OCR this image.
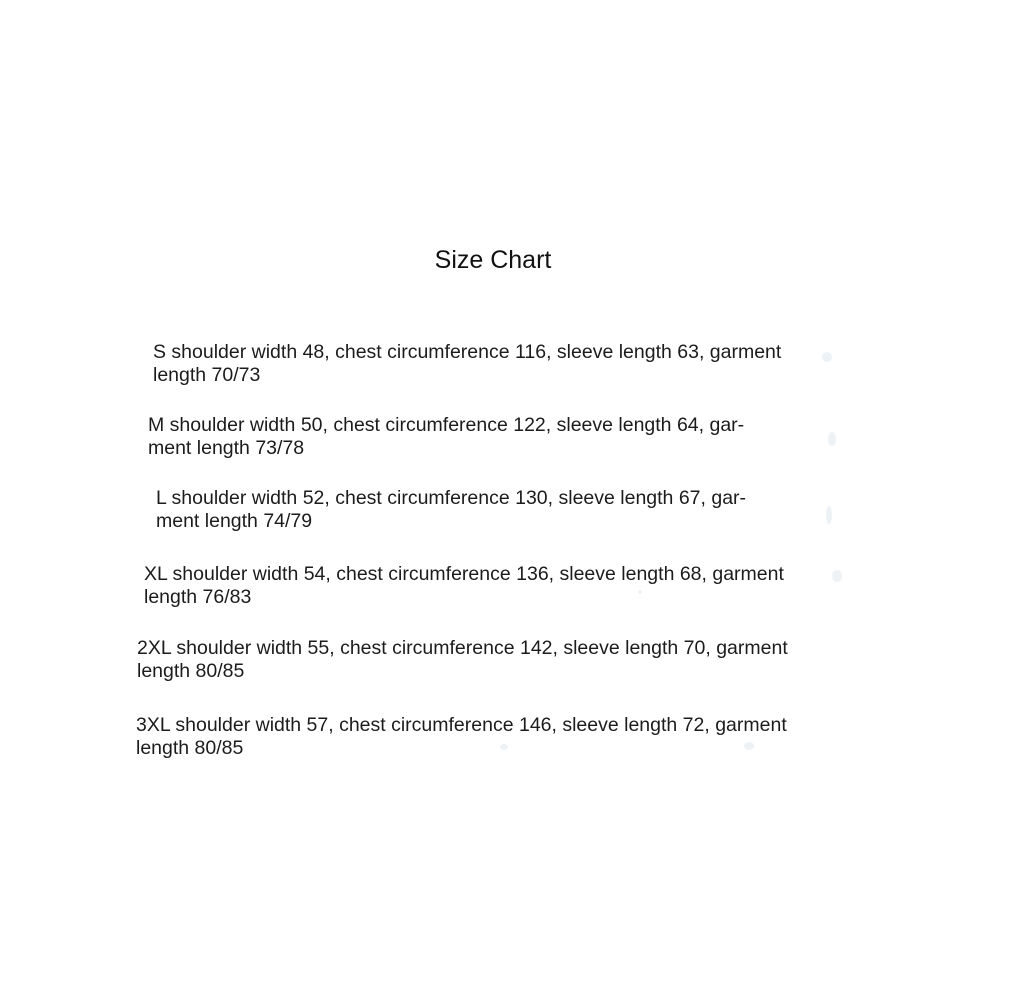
Size Chart
S shoulder width 48, chest circumference 116, sleeve length 63, garment
length 70/73
M shoulder width 50, chest circumference 122, sleeve length 64, gar-
ment length 73/78
L shoulder width 52, chest circumference 130, sleeve length 67, gar-
ment length 74/79
XL shoulder width 54, chest circumference 136, sleeve length 68, garment
length 76/83
2XL shoulder width 55, chest circumference 142, sleeve length 70, garment
length 80/85
3XL shoulder width 57, chest circumference 146, sleeve length 72, garment
length 80/85
